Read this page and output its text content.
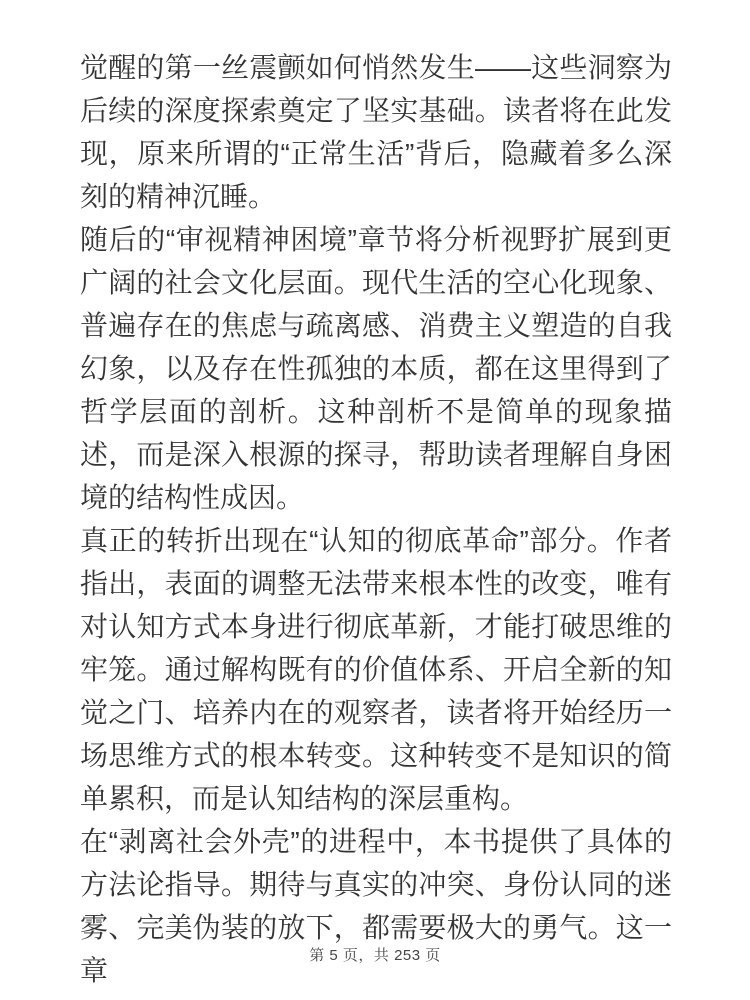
觉醒的第一丝震颤如何悄然发生——这些洞察为后续的深度探索奠定了坚实基础。读者将在此发现，原来所谓的“正常生活”背后，隐藏着多么深刻的精神沉睡。

随后的“审视精神困境”章节将分析视野扩展到更广阔的社会文化层面。现代生活的空心化现象、普遍存在的焦虑与疏离感、消费主义塑造的自我幻象，以及存在性孤独的本质，都在这里得到了哲学层面的剖析。这种剖析不是简单的现象描述，而是深入根源的探寻，帮助读者理解自身困境的结构性成因。

真正的转折出现在“认知的彻底革命”部分。作者指出，表面的调整无法带来根本性的改变，唯有对认知方式本身进行彻底革新，才能打破思维的牢笼。通过解构既有的价值体系、开启全新的知觉之门、培养内在的观察者，读者将开始经历一场思维方式的根本转变。这种转变不是知识的简单累积，而是认知结构的深层重构。

在“剥离社会外壳”的进程中，本书提供了具体的方法论指导。期待与真实的冲突、身份认同的迷雾、完美伪装的放下，都需要极大的勇气。这一章	第 5 页，共 253 页
